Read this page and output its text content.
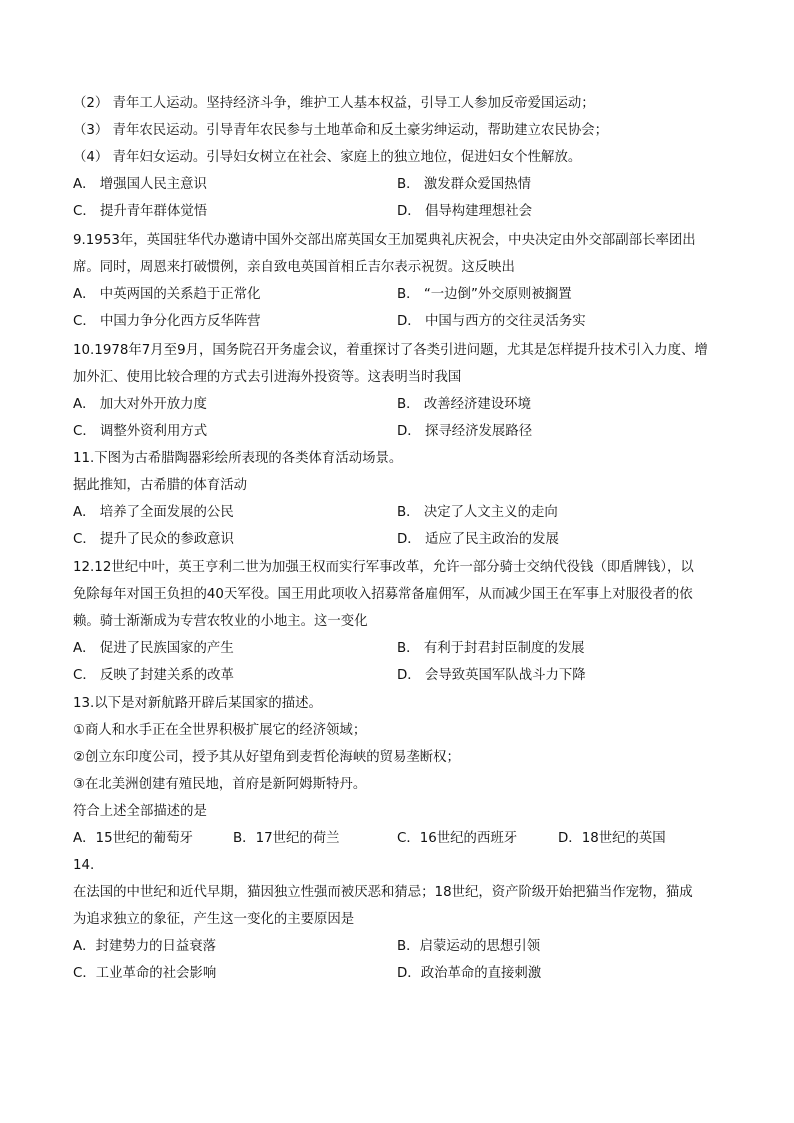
（2） 青年工人运动。坚持经济斗争，维护工人基本权益，引导工人参加反帝爱国运动；
（3） 青年农民运动。引导青年农民参与土地革命和反土豪劣绅运动，帮助建立农民协会；
（4） 青年妇女运动。引导妇女树立在社会、家庭上的独立地位，促进妇女个性解放。
A． 增强国人民主意识	B． 激发群众爱国热情
C． 提升青年群体觉悟	D． 倡导构建理想社会
9.1953年，英国驻华代办邀请中国外交部出席英国女王加冕典礼庆祝会，中央决定由外交部副部长率团出
席。同时，周恩来打破惯例，亲自致电英国首相丘吉尔表示祝贺。这反映出
A． 中英两国的关系趋于正常化	B． “一边倒”外交原则被搁置
C． 中国力争分化西方反华阵营	D． 中国与西方的交往灵活务实
10.1978年7月至9月，国务院召开务虚会议，着重探讨了各类引进问题，尤其是怎样提升技术引入力度、增
加外汇、使用比较合理的方式去引进海外投资等。这表明当时我国
A． 加大对外开放力度	B． 改善经济建设环境
C． 调整外资利用方式	D． 探寻经济发展路径
11.下图为古希腊陶器彩绘所表现的各类体育活动场景。
据此推知，古希腊的体育活动
A． 培养了全面发展的公民	B． 决定了人文主义的走向
C． 提升了民众的参政意识	D． 适应了民主政治的发展
12.12世纪中叶，英王亨利二世为加强王权而实行军事改革，允许一部分骑士交纳代役钱（即盾牌钱），以
免除每年对国王负担的40天军役。国王用此项收入招募常备雇佣军，从而减少国王在军事上对服役者的依
赖。骑士渐渐成为专营农牧业的小地主。这一变化
A． 促进了民族国家的产生	B． 有利于封君封臣制度的发展
C． 反映了封建关系的改革	D． 会导致英国军队战斗力下降
13.以下是对新航路开辟后某国家的描述。
①商人和水手正在全世界积极扩展它的经济领域；
②创立东印度公司，授予其从好望角到麦哲伦海峡的贸易垄断权；
③在北美洲创建有殖民地，首府是新阿姆斯特丹。
符合上述全部描述的是
A．15世纪的葡萄牙	B．17世纪的荷兰	C．16世纪的西班牙	D．18世纪的英国
14.
在法国的中世纪和近代早期，猫因独立性强而被厌恶和猜忌；18世纪，资产阶级开始把猫当作宠物，猫成
为追求独立的象征，产生这一变化的主要原因是
A．封建势力的日益衰落	B．启蒙运动的思想引领
C．工业革命的社会影响	D．政治革命的直接刺激
